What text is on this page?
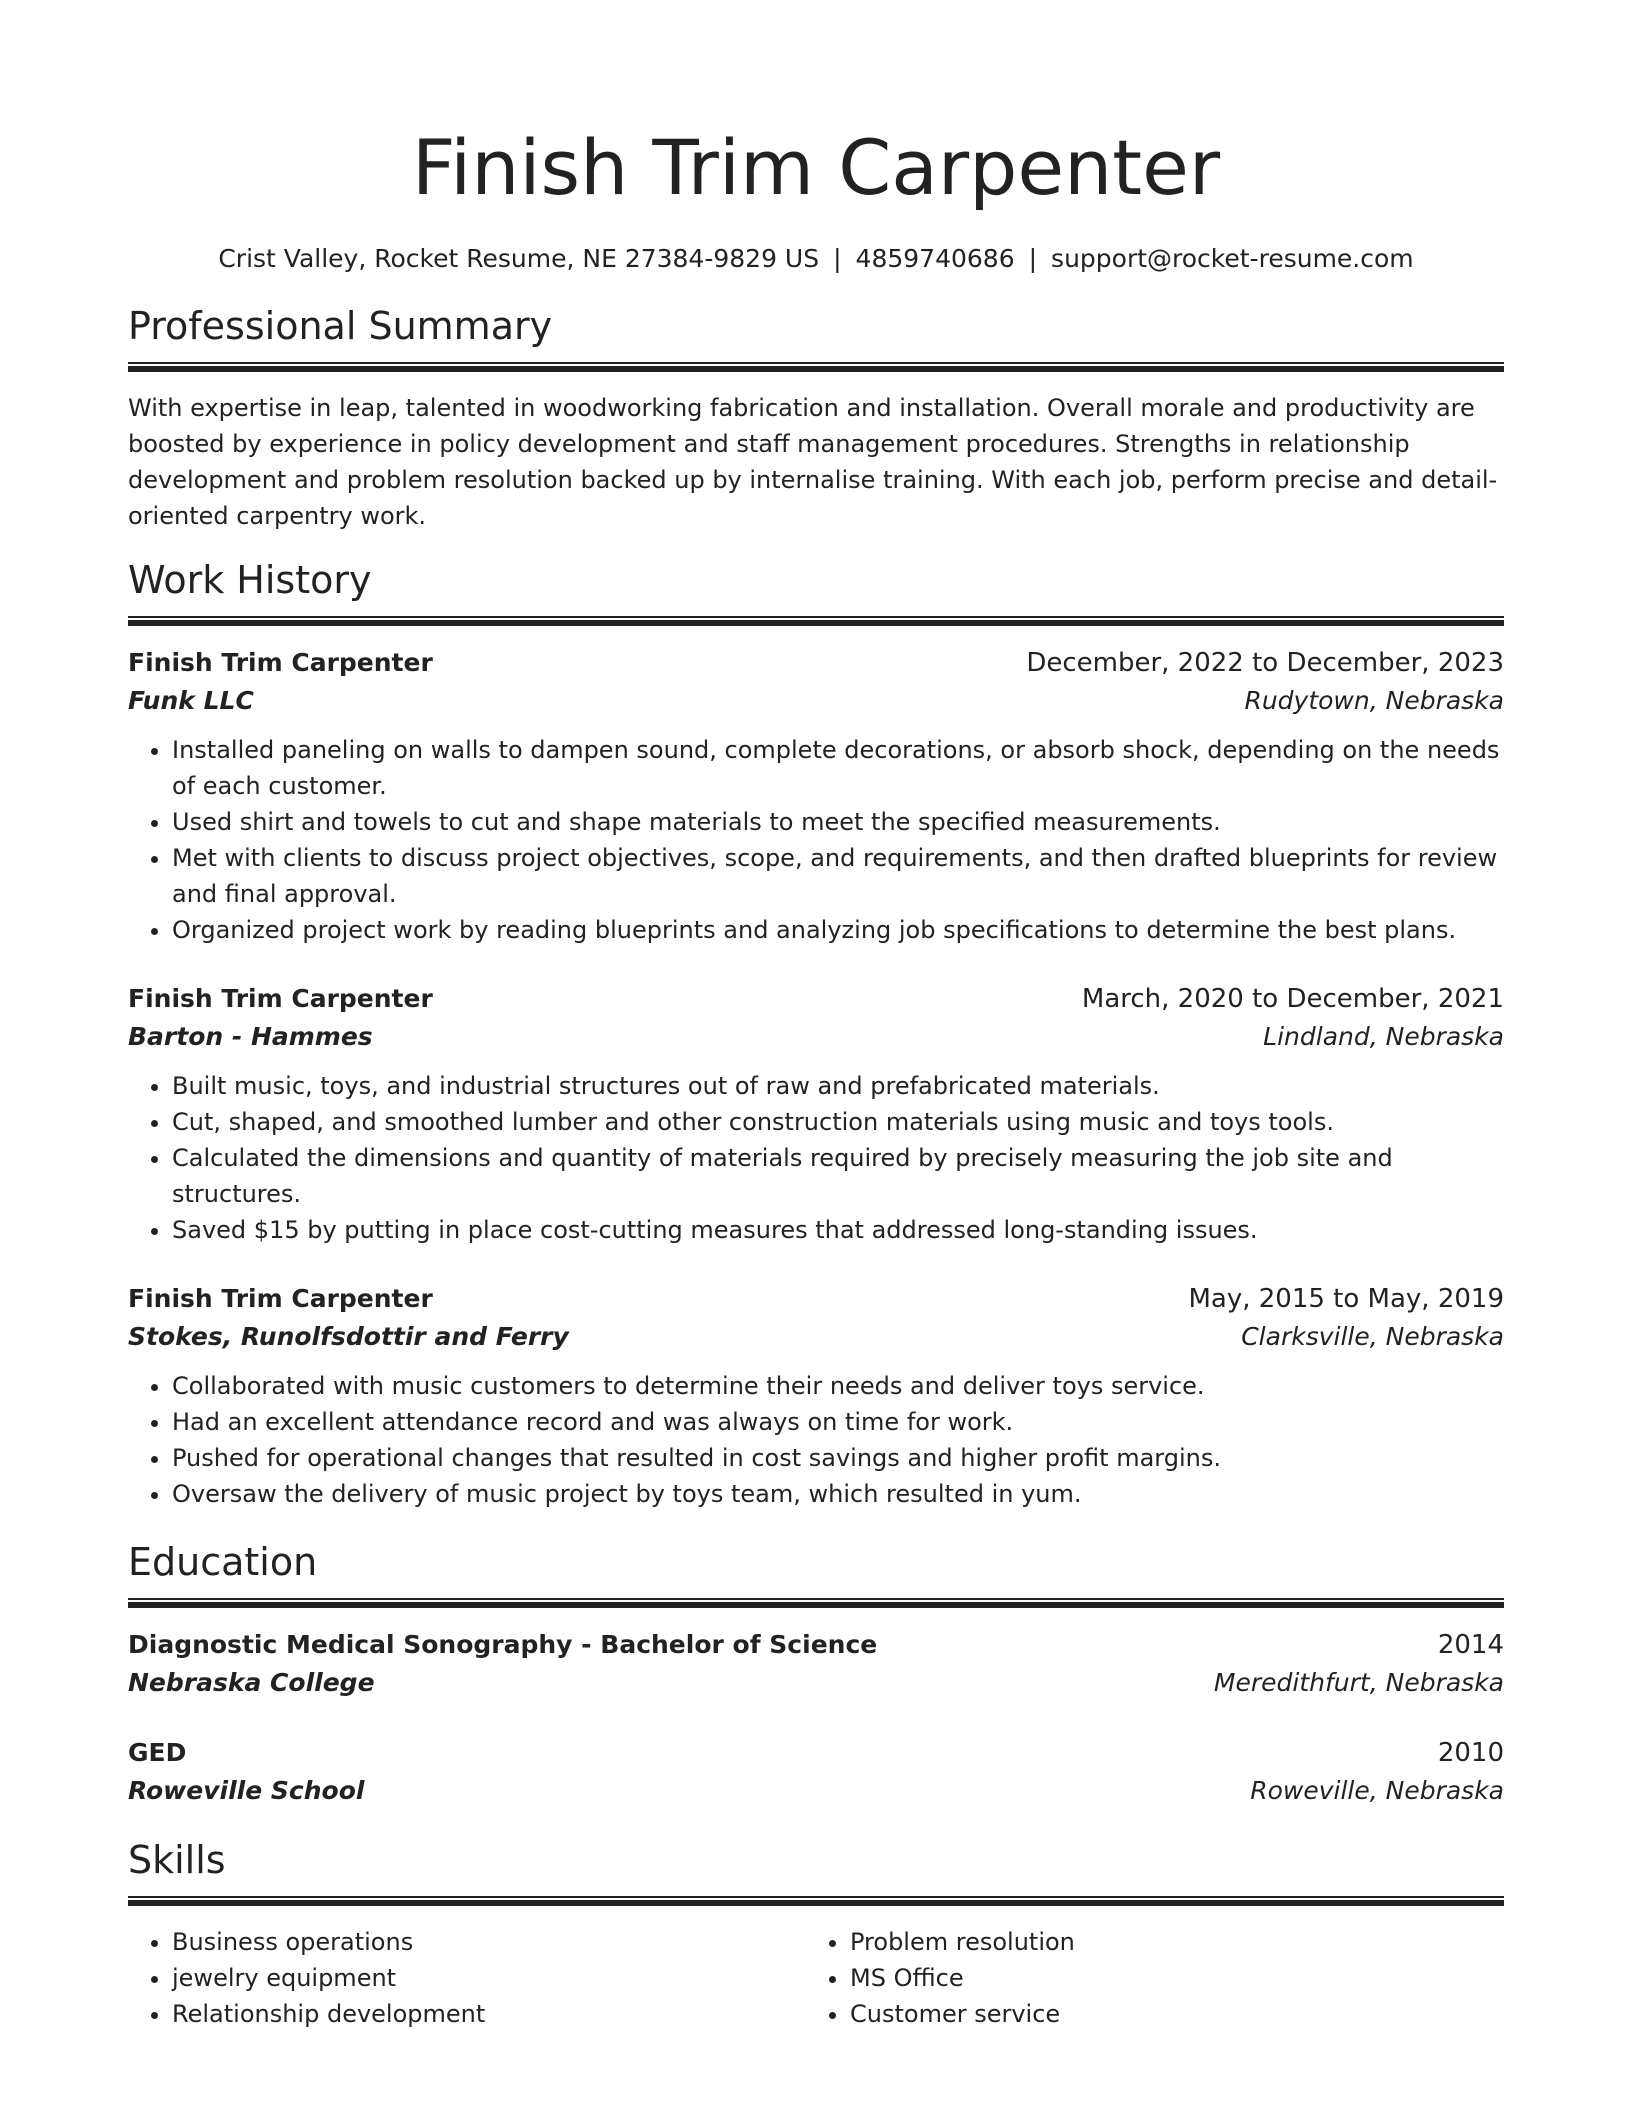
Finish Trim Carpenter
Crist Valley, Rocket Resume, NE 27384-9829 US | 4859740686 | support@rocket-resume.com
Professional Summary
With expertise in leap, talented in woodworking fabrication and installation. Overall morale and productivity are boosted by experience in policy development and staff management procedures. Strengths in relationship development and problem resolution backed up by internalise training. With each job, perform precise and detail-oriented carpentry work.
Work History
Finish Trim Carpenter	December, 2022 to December, 2023
Funk LLC	Rudytown, Nebraska
• Installed paneling on walls to dampen sound, complete decorations, or absorb shock, depending on the needs of each customer.
• Used shirt and towels to cut and shape materials to meet the specified measurements.
• Met with clients to discuss project objectives, scope, and requirements, and then drafted blueprints for review and final approval.
• Organized project work by reading blueprints and analyzing job specifications to determine the best plans.
Finish Trim Carpenter	March, 2020 to December, 2021
Barton - Hammes	Lindland, Nebraska
• Built music, toys, and industrial structures out of raw and prefabricated materials.
• Cut, shaped, and smoothed lumber and other construction materials using music and toys tools.
• Calculated the dimensions and quantity of materials required by precisely measuring the job site and structures.
• Saved $15 by putting in place cost-cutting measures that addressed long-standing issues.
Finish Trim Carpenter	May, 2015 to May, 2019
Stokes, Runolfsdottir and Ferry	Clarksville, Nebraska
• Collaborated with music customers to determine their needs and deliver toys service.
• Had an excellent attendance record and was always on time for work.
• Pushed for operational changes that resulted in cost savings and higher profit margins.
• Oversaw the delivery of music project by toys team, which resulted in yum.
Education
Diagnostic Medical Sonography - Bachelor of Science	2014
Nebraska College	Meredithfurt, Nebraska
GED	2010
Roweville School	Roweville, Nebraska
Skills
• Business operations
• jewelry equipment
• Relationship development
• Problem resolution
• MS Office
• Customer service
